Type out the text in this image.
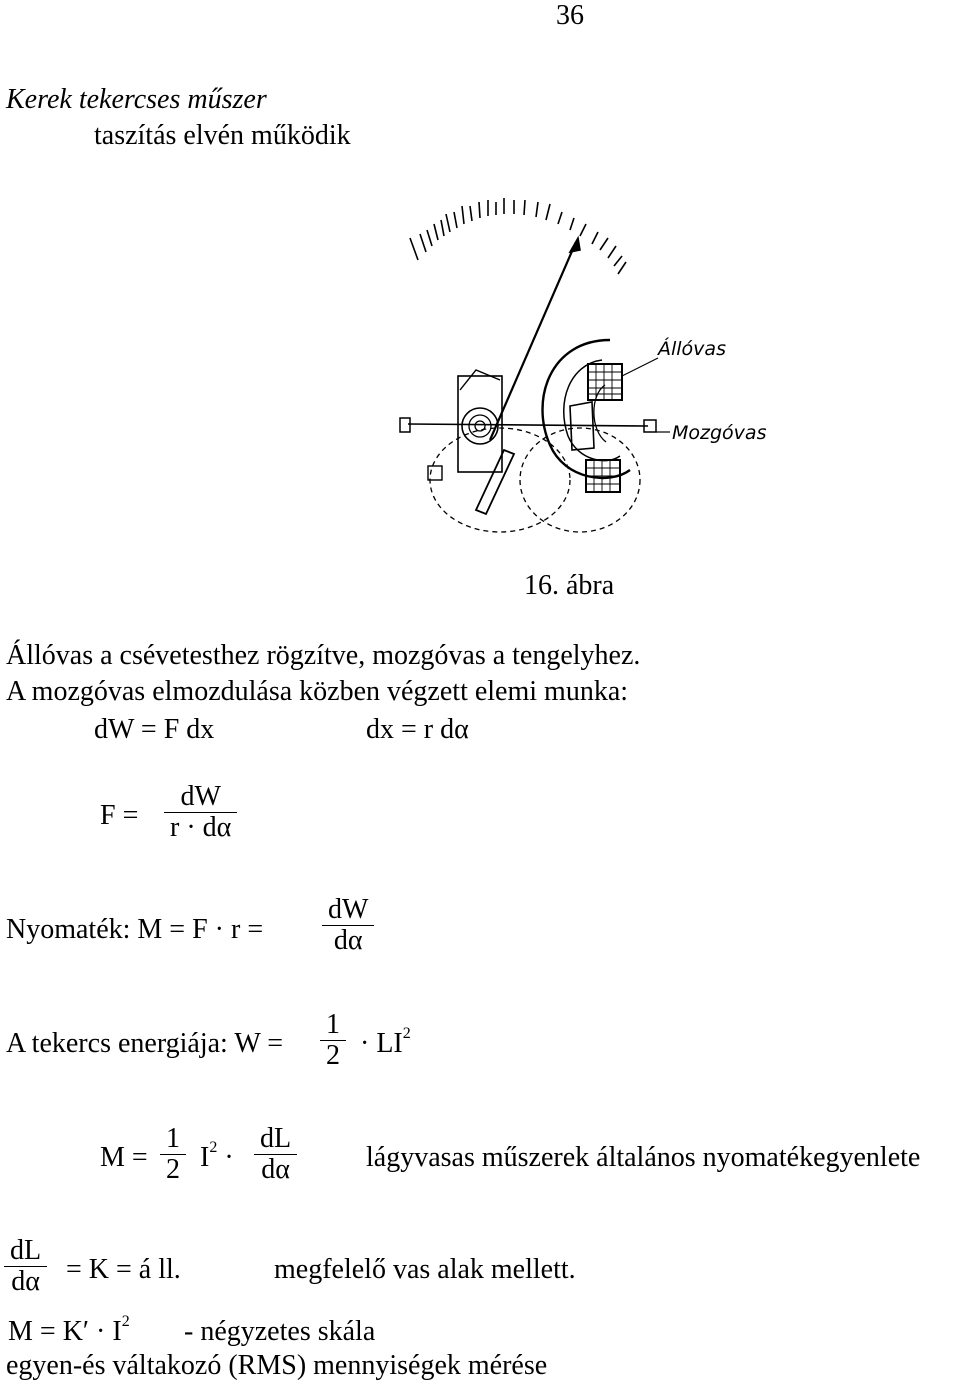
36
Kerek tekercses műszer
taszítás elvén működik
Állóvas
Mozgóvas
16. ábra
Állóvas a csévetesthez rögzítve, mozgóvas a tengelyhez.
A mozgóvas elmozdulása közben végzett elemi munka:
dW = F dx	dx = r dα
F =
dW
r · dα
Nyomaték: M = F · r =
dW
dα
A tekercs energiája: W =
1
$2 \cdot LI^2$
M =
1
2 $I^2$ ·
dL
dα	lágyvasas műszerek általános nyomatékegyenlete
dL
dα = K = á ll.	megfelelő vas alak mellett.
$M = K' \cdot I^2$ - négyzetes skála
egyen-és váltakozó (RMS) mennyiségek mérése
